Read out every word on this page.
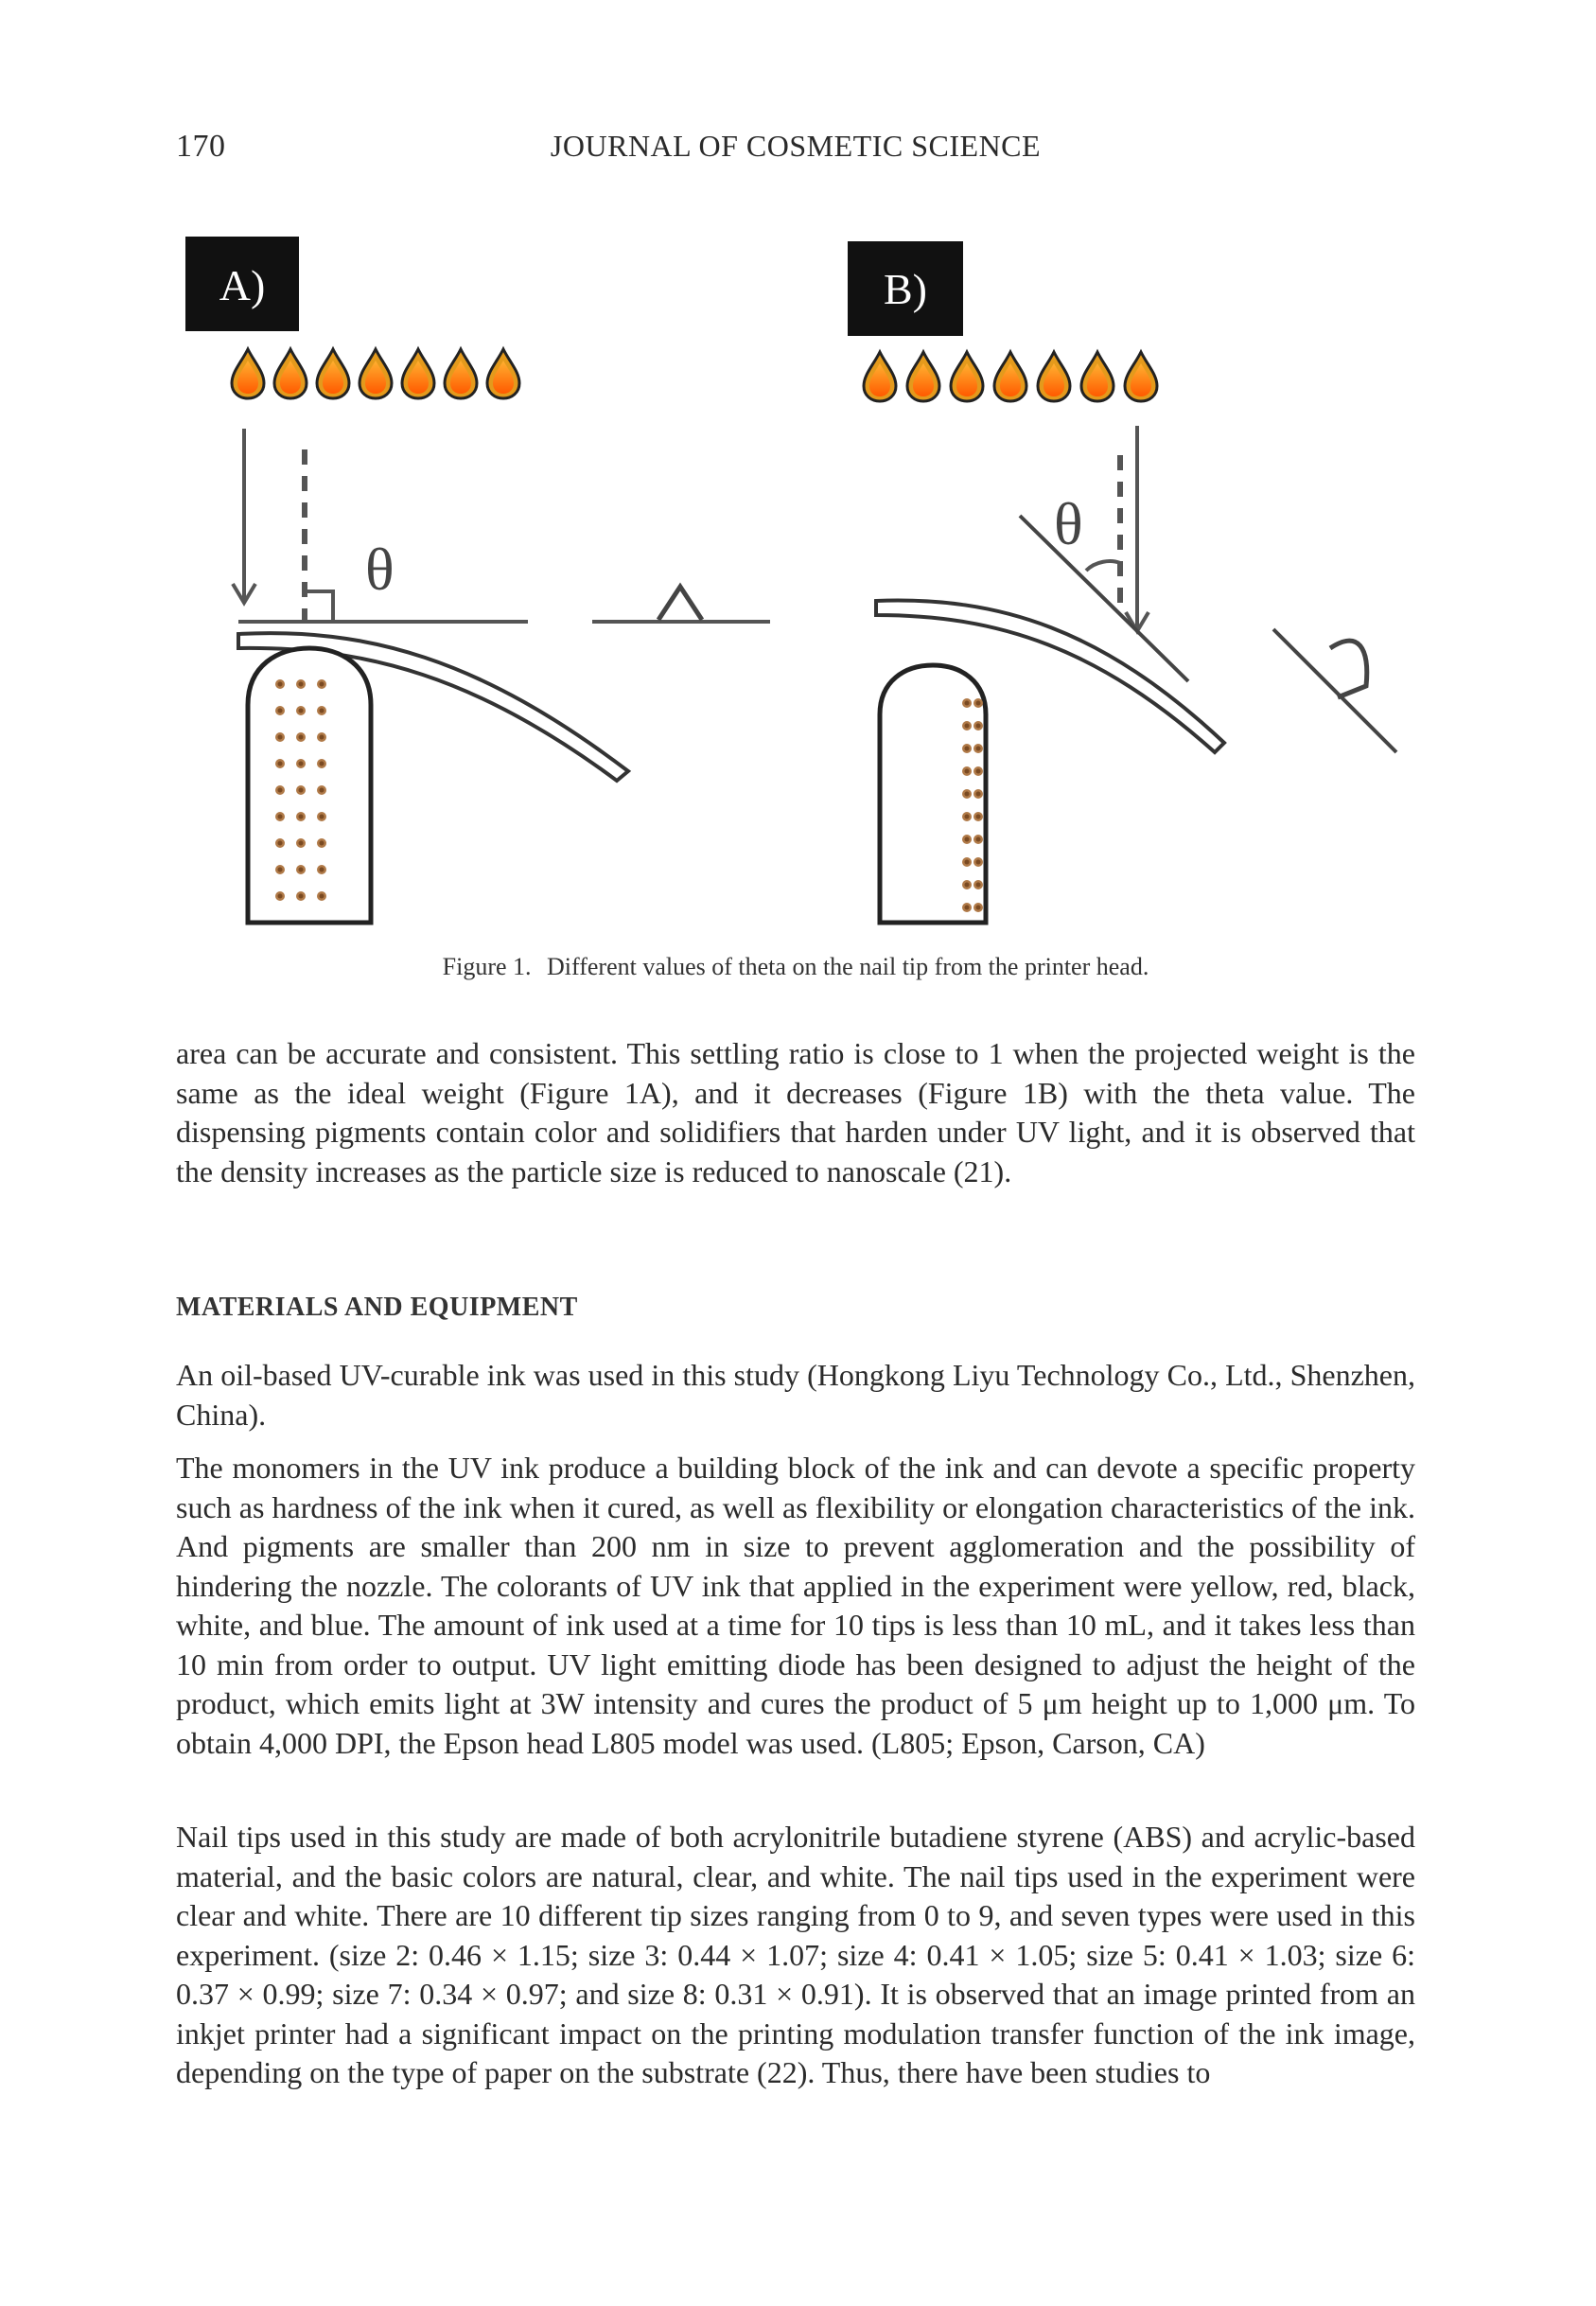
170	JOURNAL OF COSMETIC SCIENCE
A)
θ
B)
θ
Figure 1. Different values of theta on the nail tip from the printer head.

area can be accurate and consistent. This settling ratio is close to 1 when the projected weight is the same as the ideal weight (Figure 1A), and it decreases (Figure 1B) with the theta value. The dispensing pigments contain color and solidifiers that harden under UV light, and it is observed that the density increases as the particle size is reduced to nanoscale (21).

MATERIALS AND EQUIPMENT

An oil-based UV-curable ink was used in this study (Hongkong Liyu Technology Co., Ltd., Shenzhen, China).

The monomers in the UV ink produce a building block of the ink and can devote a specific property such as hardness of the ink when it cured, as well as flexibility or elongation characteristics of the ink. And pigments are smaller than 200 nm in size to prevent agglomeration and the possibility of hindering the nozzle. The colorants of UV ink that applied in the experiment were yellow, red, black, white, and blue. The amount of ink used at a time for 10 tips is less than 10 mL, and it takes less than 10 min from order to output. UV light emitting diode has been designed to adjust the height of the product, which emits light at 3W intensity and cures the product of 5 μm height up to 1,000 μm. To obtain 4,000 DPI, the Epson head L805 model was used. (L805; Epson, Carson, CA)

Nail tips used in this study are made of both acrylonitrile butadiene styrene (ABS) and acrylic-based material, and the basic colors are natural, clear, and white. The nail tips used in the experiment were clear and white. There are 10 different tip sizes ranging from 0 to 9, and seven types were used in this experiment. (size 2: 0.46 × 1.15; size 3: 0.44 × 1.07; size 4: 0.41 × 1.05; size 5: 0.41 × 1.03; size 6: 0.37 × 0.99; size 7: 0.34 × 0.97; and size 8: 0.31 × 0.91). It is observed that an image printed from an inkjet printer had a significant impact on the printing modulation transfer function of the ink image, depending on the type of paper on the substrate (22). Thus, there have been studies to
